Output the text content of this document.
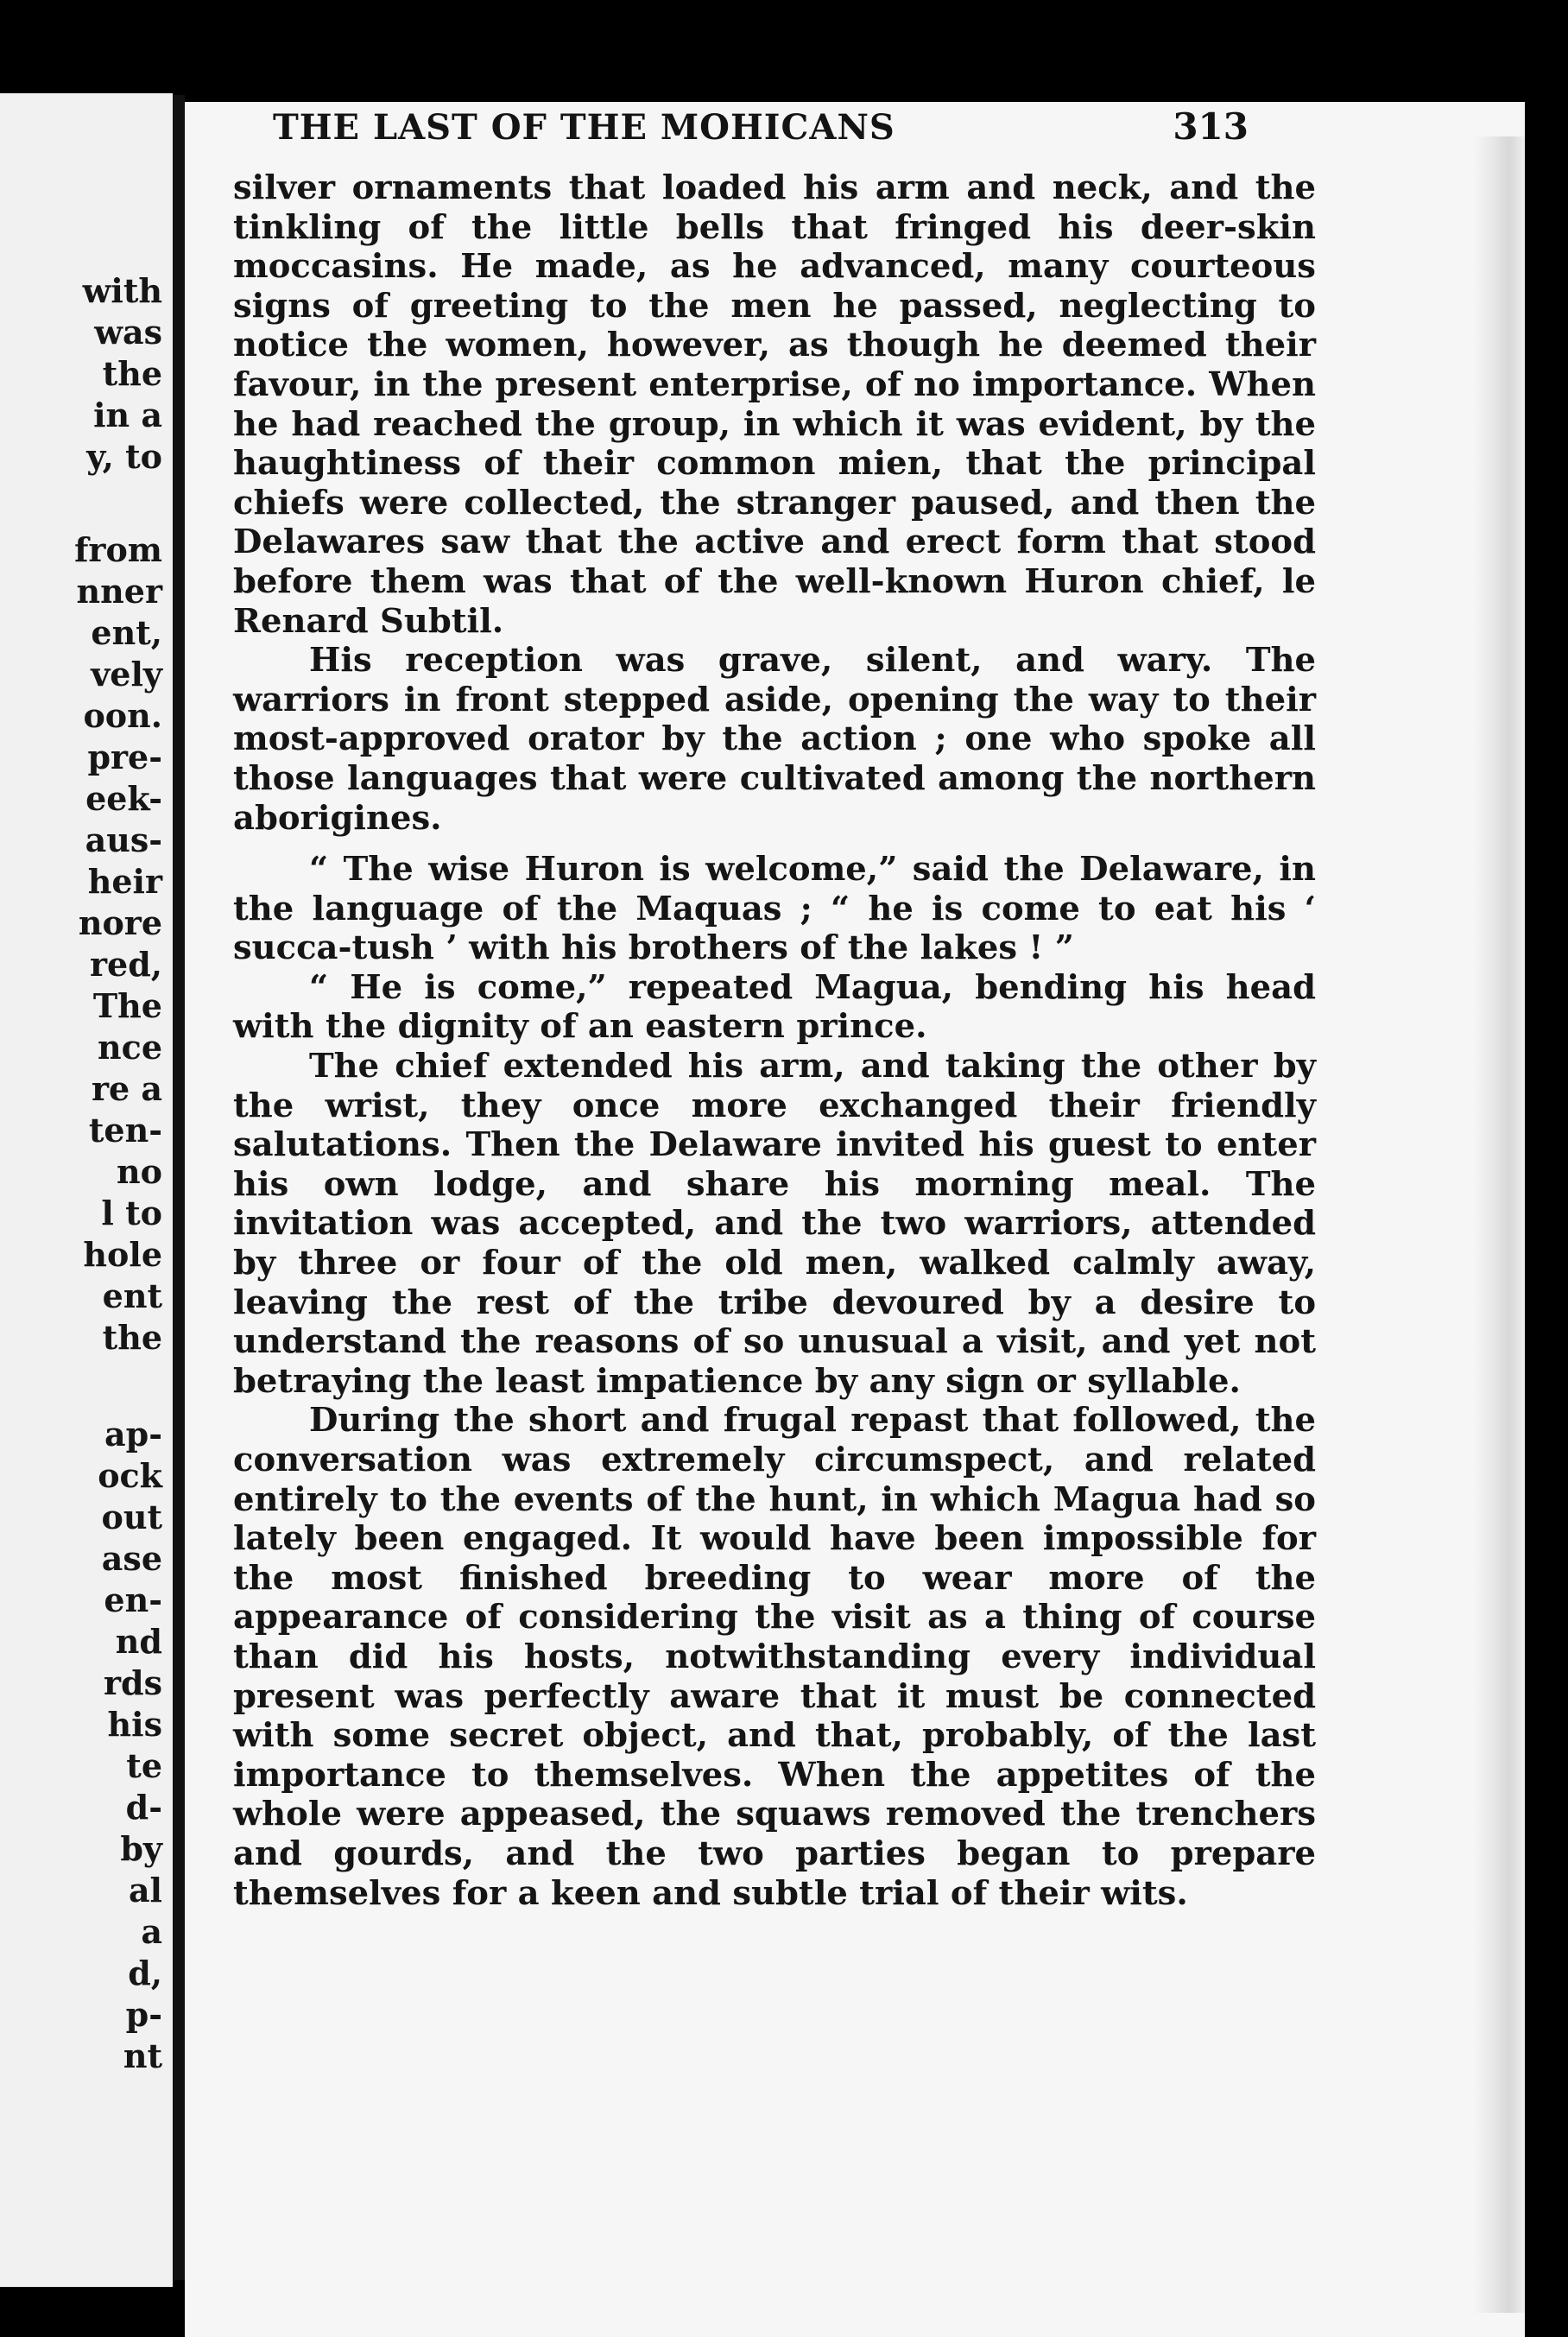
with
was
the
in a
y, to
from
nner
ent,
vely
oon.
pre-
eek-
aus-
heir
nore
red,
The
nce
re a
ten-
no
l to
hole
ent
the
ap-
ock
out
ase
en-
nd
rds
his
te
d-
by
al
a
d,
p-
nt
THE LAST OF THE MOHICANS	313

silver ornaments that loaded his arm and neck, and the tinkling of the little bells that fringed his deer-skin moccasins. He made, as he advanced, many courteous signs of greeting to the men he passed, neglecting to notice the women, however, as though he deemed their favour, in the present enterprise, of no importance. When he had reached the group, in which it was evident, by the haughtiness of their common mien, that the principal chiefs were collected, the stranger paused, and then the Delawares saw that the active and erect form that stood before them was that of the well-known Huron chief, le Renard Subtil.

His reception was grave, silent, and wary. The warriors in front stepped aside, opening the way to their most-approved orator by the action ; one who spoke all those languages that were cultivated among the northern aborigines.

“ The wise Huron is welcome,” said the Delaware, in the language of the Maquas ; “ he is come to eat his ‘ succa-tush ’ with his brothers of the lakes ! ”

“ He is come,” repeated Magua, bending his head with the dignity of an eastern prince.

The chief extended his arm, and taking the other by the wrist, they once more exchanged their friendly salutations. Then the Delaware invited his guest to enter his own lodge, and share his morning meal. The invitation was accepted, and the two warriors, attended by three or four of the old men, walked calmly away, leaving the rest of the tribe devoured by a desire to understand the reasons of so unusual a visit, and yet not betraying the least impatience by any sign or syllable.

During the short and frugal repast that followed, the conversation was extremely circumspect, and related entirely to the events of the hunt, in which Magua had so lately been engaged. It would have been impossible for the most finished breeding to wear more of the appearance of considering the visit as a thing of course than did his hosts, notwithstanding every individual present was perfectly aware that it must be connected with some secret object, and that, probably, of the last importance to themselves. When the appetites of the whole were appeased, the squaws removed the trenchers and gourds, and the two parties began to prepare themselves for a keen and subtle trial of their wits.
